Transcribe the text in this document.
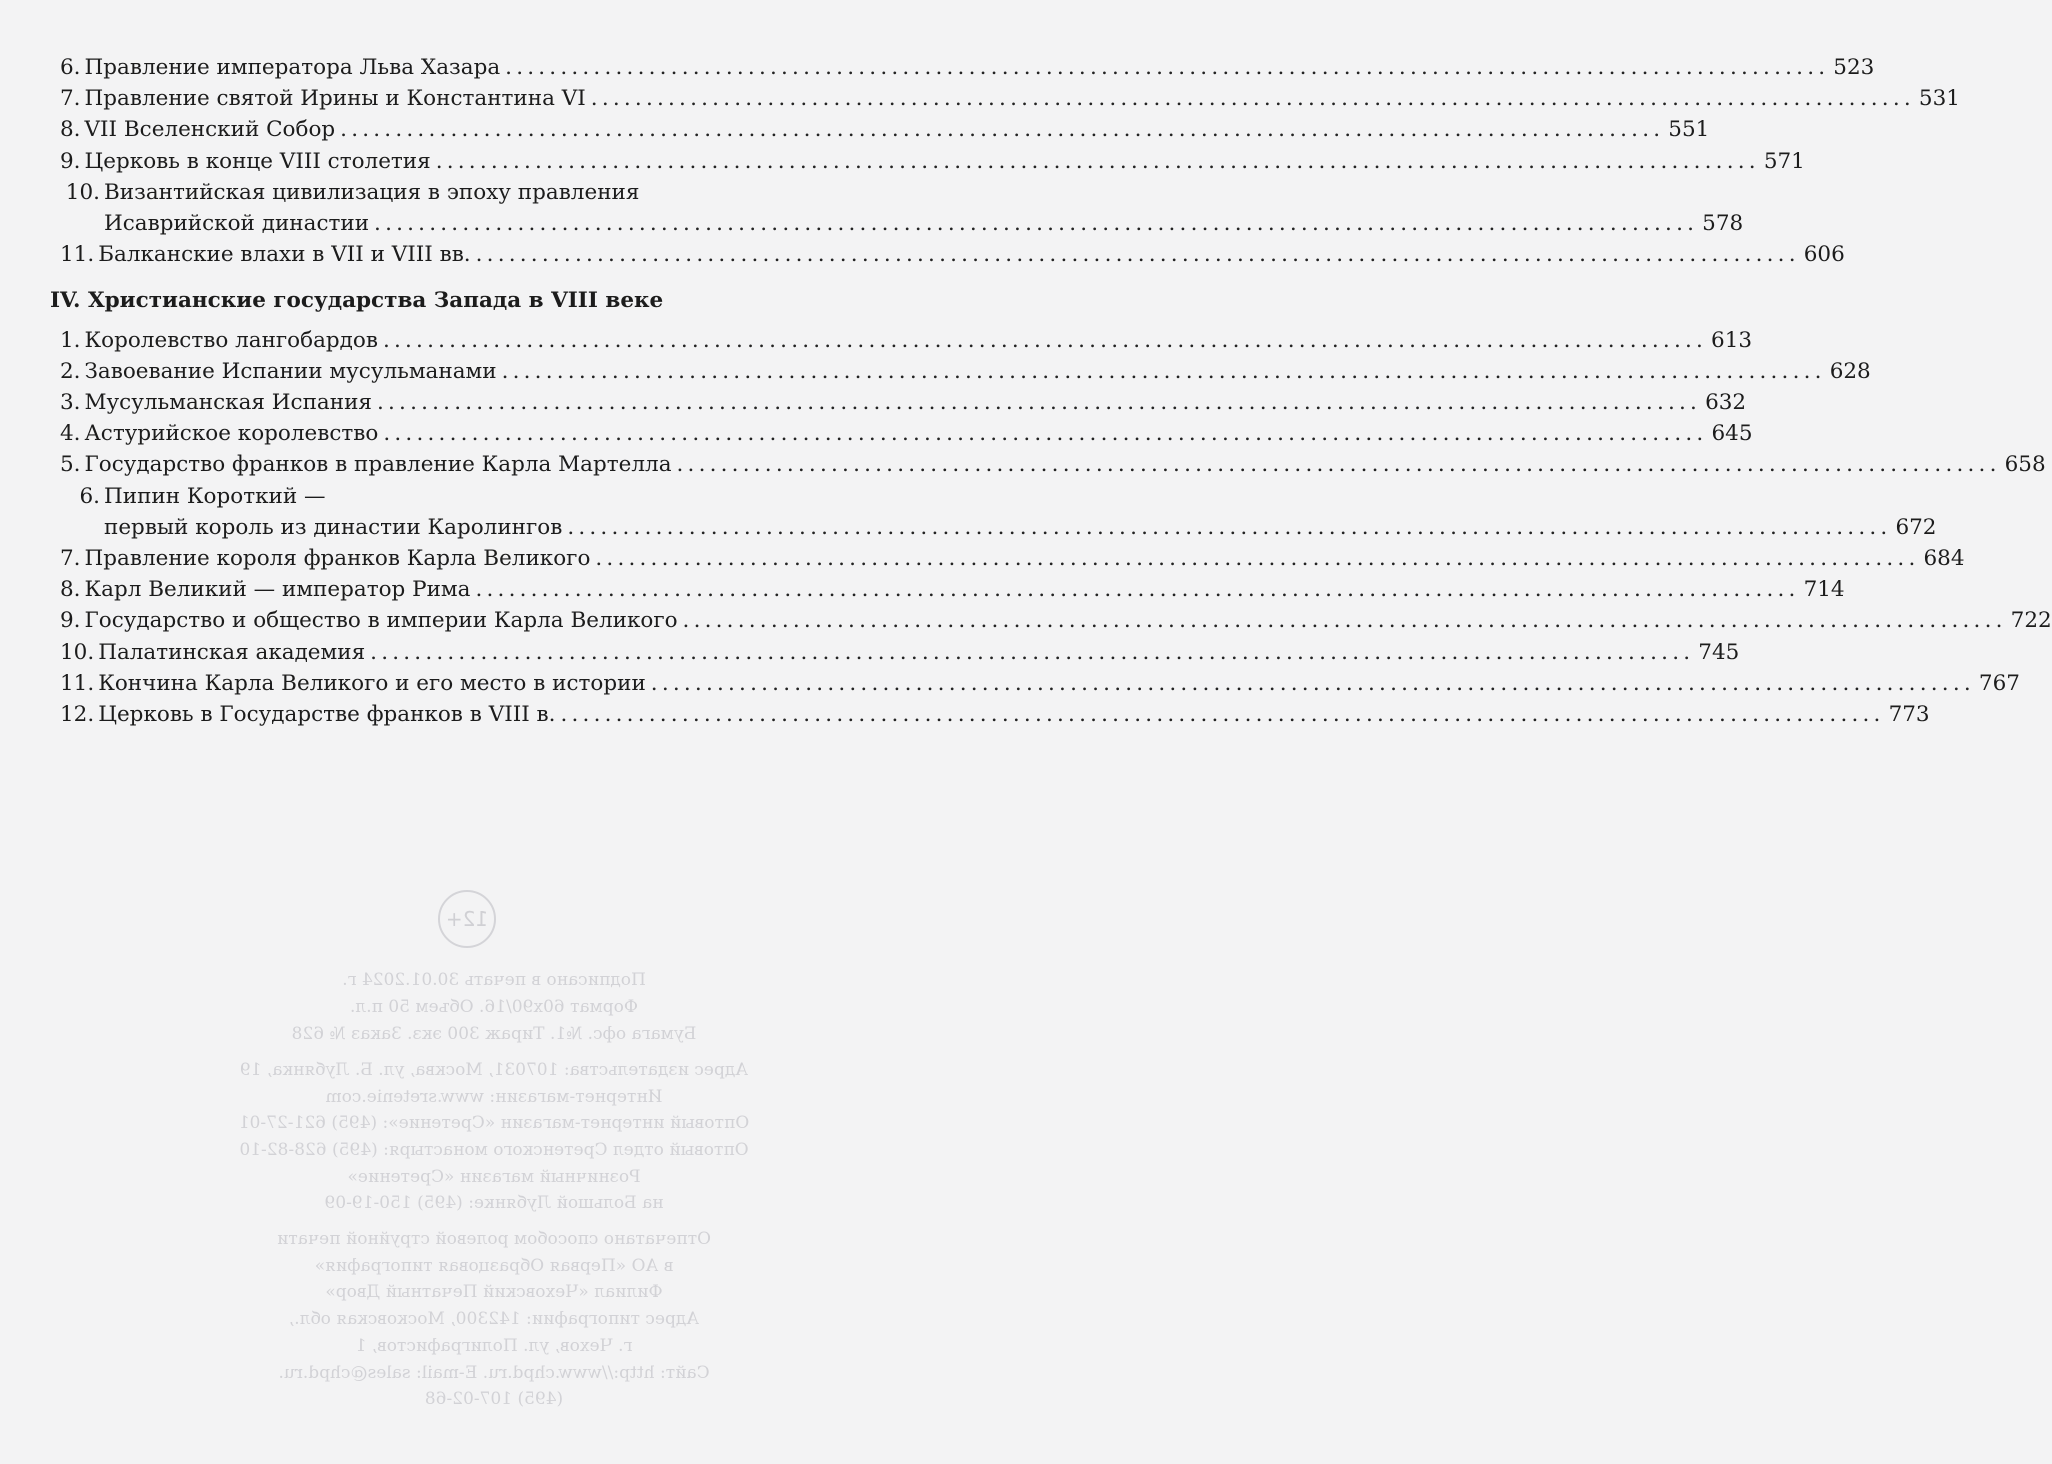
12+
Подписано в печать 30.01.2024 г.
Формат 60х90/16. Объем 50 п.л.
Бумага офс. №1. Тираж 300 экз. Заказ № 628
Адрес издательства: 107031, Москва, ул. Б. Лубянка, 19
Интернет-магазин: www.sretenie.com
Оптовый интернет-магазин «Сретение»: (495) 621-27-01
Оптовый отдел Сретенского монастыря: (495) 628-82-10
Розничный магазин «Сретение»
на Большой Лубянке: (495) 150-19-09
Отпечатано способом ролевой струйной печати
в АО «Первая Образцовая типография»
Филиал «Чеховский Печатный Двор»
Адрес типографии: 142300, Московская обл.,
г. Чехов, ул. Полиграфистов, 1
Сайт: http://www.chpd.ru. E-mail: sales@chpd.ru.
(495) 107-02-68
6. Правление императора Льва Хазара ........................................................................................................................ 523
7. Правление святой Ирины и Константина VI ........................................................................................................................ 531
8. VII Вселенский Собор ........................................................................................................................ 551
9. Церковь в конце VIII столетия ........................................................................................................................ 571
10. Византийская цивилизация в эпоху правления
Исаврийской династии ........................................................................................................................ 578
11. Балканские влахи в VII и VIII вв. ........................................................................................................................ 606
IV. Христианские государства Запада в VIII веке
1. Королевство лангобардов ........................................................................................................................ 613
2. Завоевание Испании мусульманами ........................................................................................................................ 628
3. Мусульманская Испания ........................................................................................................................ 632
4. Астурийское королевство ........................................................................................................................ 645
5. Государство франков в правление Карла Мартелла ........................................................................................................................ 658
6. Пипин Короткий —
первый король из династии Каролингов ........................................................................................................................ 672
7. Правление короля франков Карла Великого ........................................................................................................................ 684
8. Карл Великий — император Рима ........................................................................................................................ 714
9. Государство и общество в империи Карла Великого ........................................................................................................................ 722
10. Палатинская академия ........................................................................................................................ 745
11. Кончина Карла Великого и его место в истории ........................................................................................................................ 767
12. Церковь в Государстве франков в VIII в. ........................................................................................................................ 773
